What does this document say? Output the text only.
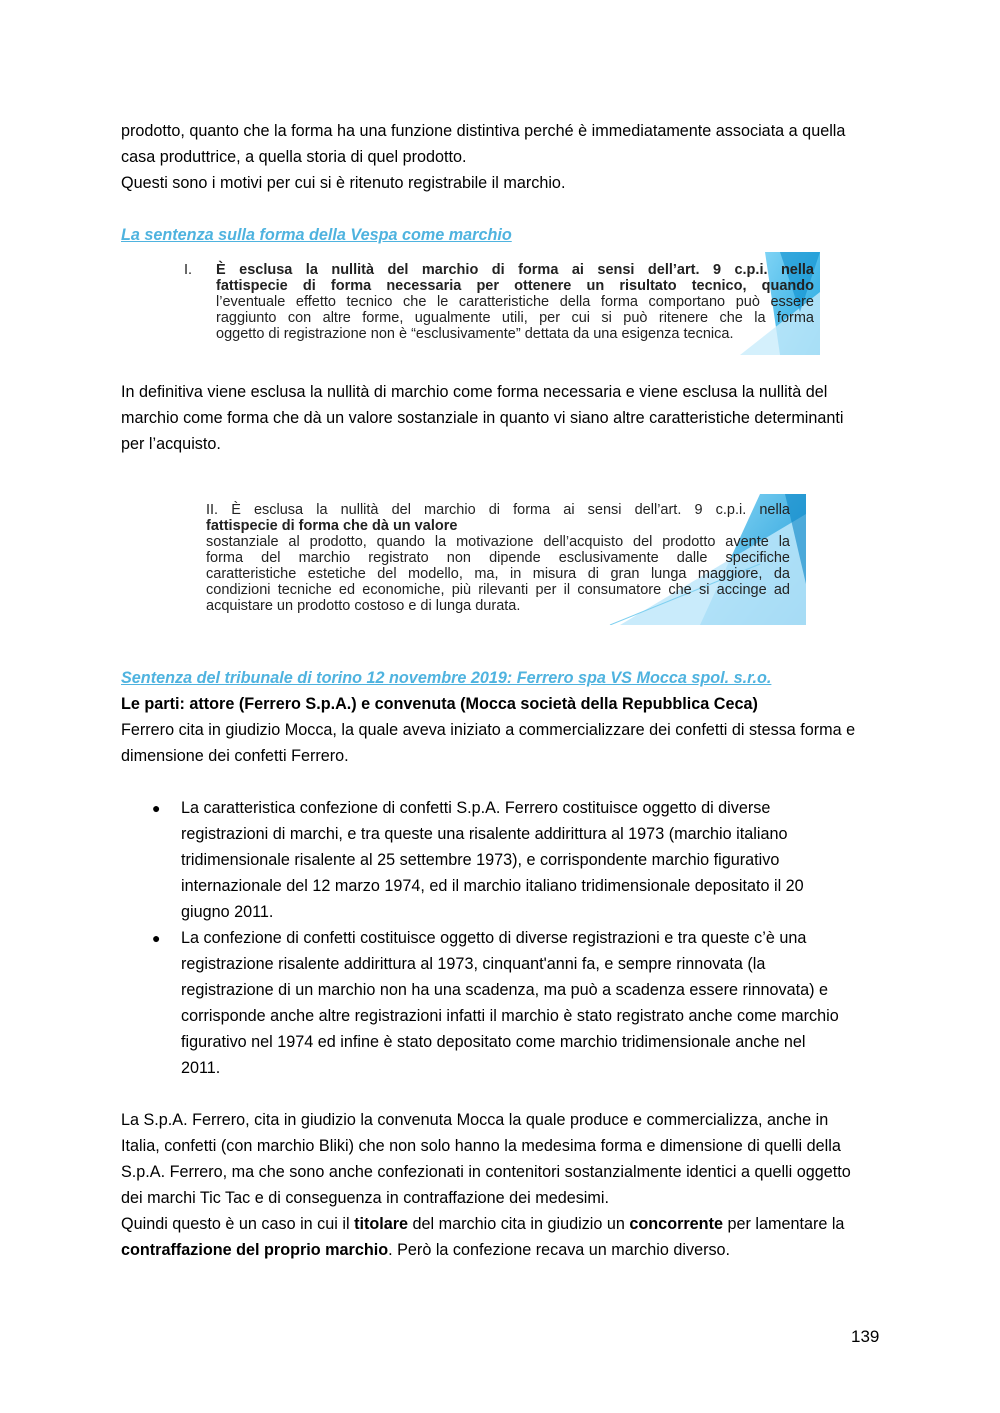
prodotto, quanto che la forma ha una funzione distintiva perché è immediatamente associata a quella

casa produttrice, a quella storia di quel prodotto.

Questi sono i motivi per cui si è ritenuto registrabile il marchio.

La sentenza sulla forma della Vespa come marchio

In definitiva viene esclusa la nullità di marchio come forma necessaria e viene esclusa la nullità del

marchio come forma che dà un valore sostanziale in quanto vi siano altre caratteristiche determinanti

per l’acquisto.

Sentenza del tribunale di torino 12 novembre 2019: Ferrero spa VS Mocca spol. s.r.o.

Le parti: attore (Ferrero S.p.A.) e convenuta (Mocca società della Repubblica Ceca)

Ferrero cita in giudizio Mocca, la quale aveva iniziato a commercializzare dei confetti di stessa forma e

dimensione dei confetti Ferrero.

● La caratteristica confezione di confetti S.p.A. Ferrero costituisce oggetto di diverse
registrazioni di marchi, e tra queste una risalente addirittura al 1973 (marchio italiano
tridimensionale risalente al 25 settembre 1973), e corrispondente marchio figurativo
internazionale del 12 marzo 1974, ed il marchio italiano tridimensionale depositato il 20
giugno 2011.
● La confezione di confetti costituisce oggetto di diverse registrazioni e tra queste c’è una
registrazione risalente addirittura al 1973, cinquant'anni fa, e sempre rinnovata (la
registrazione di un marchio non ha una scadenza, ma può a scadenza essere rinnovata) e
corrisponde anche altre registrazioni infatti il marchio è stato registrato anche come marchio
figurativo nel 1974 ed infine è stato depositato come marchio tridimensionale anche nel
2011.

La S.p.A. Ferrero, cita in giudizio la convenuta Mocca la quale produce e commercializza, anche in

Italia, confetti (con marchio Bliki) che non solo hanno la medesima forma e dimensione di quelli della

S.p.A. Ferrero, ma che sono anche confezionati in contenitori sostanzialmente identici a quelli oggetto

dei marchi Tic Tac e di conseguenza in contraffazione dei medesimi.

Quindi questo è un caso in cui il titolare del marchio cita in giudizio un concorrente per lamentare la

contraffazione del proprio marchio. Però la confezione recava un marchio diverso.

I. È esclusa la nullità del marchio di forma ai sensi dell’art. 9 c.p.i. nella
fattispecie di forma necessaria per ottenere un risultato tecnico, quando
l’eventuale effetto tecnico che le caratteristiche della forma comportano può essere
raggiunto con altre forme, ugualmente utili, per cui si può ritenere che la forma
oggetto di registrazione non è “esclusivamente” dettata da una esigenza tecnica.
II. È esclusa la nullità del marchio di forma ai sensi dell’art. 9 c.p.i. nella
fattispecie di forma che dà un valore
sostanziale al prodotto, quando la motivazione dell’acquisto del prodotto avente la
forma del marchio registrato non dipende esclusivamente dalle specifiche
caratteristiche estetiche del modello, ma, in misura di gran lunga maggiore, da
condizioni tecniche ed economiche, più rilevanti per il consumatore che si accinge ad
acquistare un prodotto costoso e di lunga durata.
139
